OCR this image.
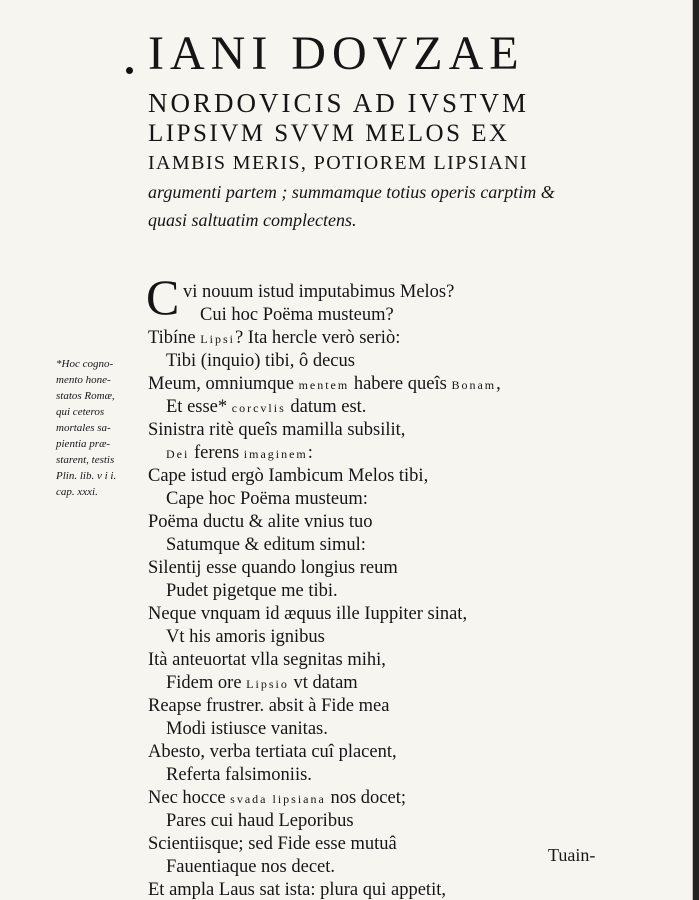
IANI DOVZAE
NORDOVICIS AD IVSTVM
LIPSIVM SVVM MELOS EX
IAMBIS MERIS, POTIOREM LIPSIANI
argumenti partem ; summamque totius operis carptim &
quasi saltuatim complectens.
C vi nouum istud imputabimus Melos?
Cui hoc Poëma musteum?
Tibíne Lipsi? Ita hercle verò seriò:
Tibi (inquio) tibi, ô decus
Meum, omniumque mentem habere queîs Bonam,
Et esse* corcvlis datum est.
Sinistra ritè queîs mamilla subsilit,
Dei ferens imaginem:
Cape istud ergò Iambicum Melos tibi,
Cape hoc Poëma musteum:
Poëma ductu & alite vnius tuo
Satumque & editum simul:
Silentij esse quando longius reum
Pudet pigetque me tibi.
Neque vnquam id æquus ille Iuppiter sinat,
Vt his amoris ignibus
Ità anteuortat vlla segnitas mihi,
Fidem ore Lipsio vt datam
Reapse frustrer. absit à Fide mea
Modi istiusce vanitas.
Abesto, verba tertiata cuî placent,
Referta falsimoniis.
Nec hocce svada lipsiana nos docet;
Pares cui haud Leporibus
Scientiisque; sed Fide esse mutuâ
Fauentiaque nos decet.
Et ampla Laus sat ista: plura qui appetit,
*Hoc cogno-
mento hone-
statos Romæ,
qui ceteros
mortales sa-
pientia præ-
starent, testis
Plin. lib. v i i.
cap. xxxi.
Tuain-
